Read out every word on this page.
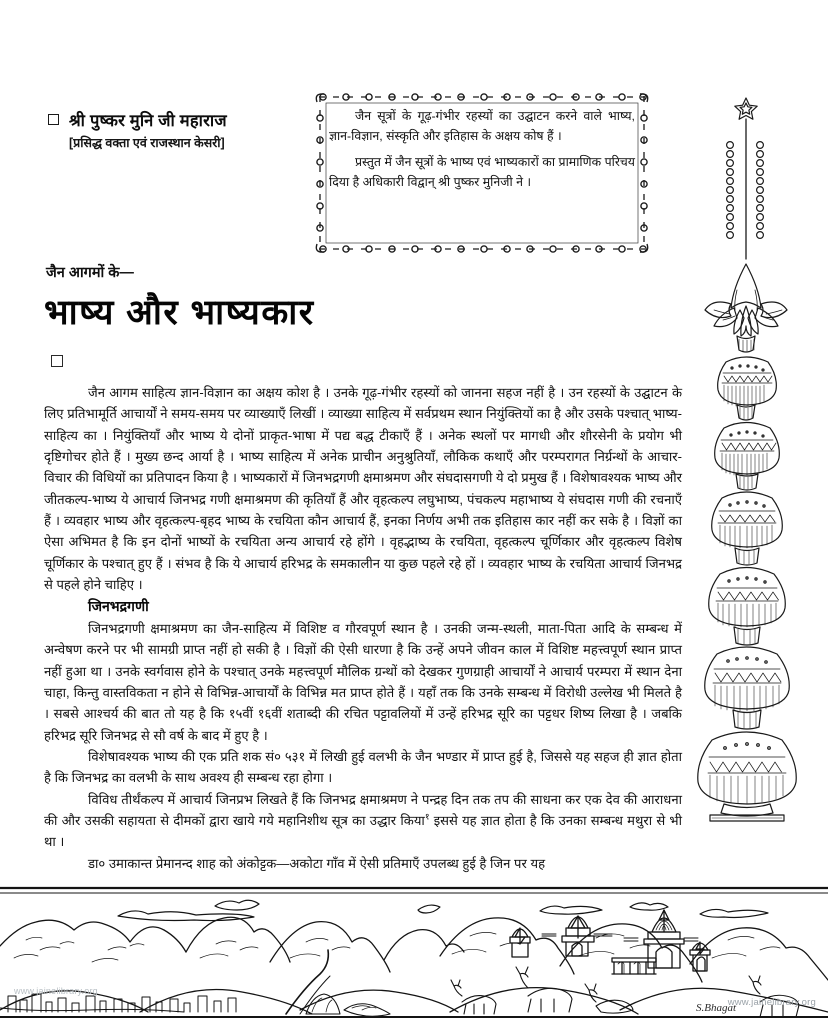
श्री पुष्कर मुनि जी महाराज
[प्रसिद्ध वक्ता एवं राजस्थान केसरी]

जैन सूत्रों के गूढ़-गंभीर रहस्यों का उद्घाटन करने वाले भाष्य, ज्ञान-विज्ञान, संस्कृति और इतिहास के अक्षय कोष हैं ।

प्रस्तुत में जैन सूत्रों के भाष्य एवं भाष्यकारों का प्रामाणिक परिचय दिया है अधिकारी विद्वान् श्री पुष्कर मुनिजी ने ।

जैन आगमों के—
भाष्य और भाष्यकार

जैन आगम साहित्य ज्ञान-विज्ञान का अक्षय कोश है । उनके गूढ़-गंभीर रहस्यों को जानना सहज नहीं है । उन रहस्यों के उद्घाटन के लिए प्रतिभामूर्ति आचार्यों ने समय-समय पर व्याख्याएँ लिखीं । व्याख्या साहित्य में सर्वप्रथम स्थान नियुंक्तियों का है और उसके पश्चात् भाष्य-साहित्य का । नियुंक्तियाँ और भाष्य ये दोनों प्राकृत-भाषा में पद्य बद्ध टीकाएँ हैं । अनेक स्थलों पर मागधी और शौरसेनी के प्रयोग भी दृष्टिगोचर होते हैं । मुख्य छन्द आर्या है । भाष्य साहित्य में अनेक प्राचीन अनुश्रुतियाँ, लौकिक कथाएँ और परम्परागत निर्ग्रन्थों के आचार-विचार की विधियों का प्रतिपादन किया है । भाष्यकारों में जिनभद्रगणी क्षमाश्रमण और संघदासगणी ये दो प्रमुख हैं । विशेषावश्यक भाष्य और जीतकल्प-भाष्य ये आचार्य जिनभद्र गणी क्षमाश्रमण की कृतियाँ हैं और वृहत्कल्प लघुभाष्य, पंचकल्प महाभाष्य ये संघदास गणी की रचनाएँ हैं । व्यवहार भाष्य और वृहत्कल्प-बृहद भाष्य के रचयिता कौन आचार्य हैं, इनका निर्णय अभी तक इतिहास कार नहीं कर सके है । विज्ञों का ऐसा अभिमत है कि इन दोनों भाष्यों के रचयिता अन्य आचार्य रहे होंगे । वृहद्भाष्य के रचयिता, वृहत्कल्प चूर्णिकार और वृहत्कल्प विशेष चूर्णिकार के पश्चात् हुए हैं । संभव है कि ये आचार्य हरिभद्र के समकालीन या कुछ पहले रहे हों । व्यवहार भाष्य के रचयिता आचार्य जिनभद्र से पहले होने चाहिए ।

जिनभद्रगणी

जिनभद्रगणी क्षमाश्रमण का जैन-साहित्य में विशिष्ट व गौरवपूर्ण स्थान है । उनकी जन्म-स्थली, माता-पिता आदि के सम्बन्ध में अन्वेषण करने पर भी सामग्री प्राप्त नहीं हो सकी है । विज्ञों की ऐसी धारणा है कि उन्हें अपने जीवन काल में विशिष्ट महत्त्वपूर्ण स्थान प्राप्त नहीं हुआ था । उनके स्वर्गवास होने के पश्चात् उनके महत्त्वपूर्ण मौलिक ग्रन्थों को देखकर गुणग्राही आचार्यों ने आचार्य परम्परा में स्थान देना चाहा, किन्तु वास्तविकता न होने से विभिन्न-आचार्यों के विभिन्न मत प्राप्त होते हैं । यहाँ तक कि उनके सम्बन्ध में विरोधी उल्लेख भी मिलते है । सबसे आश्चर्य की बात तो यह है कि १५वीं १६वीं शताब्दी की रचित पट्टावलियों में उन्हें हरिभद्र सूरि का पट्टधर शिष्य लिखा है । जबकि हरिभद्र सूरि जिनभद्र से सौ वर्ष के बाद में हुए है ।

विशेषावश्यक भाष्य की एक प्रति शक सं० ५३१ में लिखी हुई वलभी के जैन भण्डार में प्राप्त हुई है, जिससे यह सहज ही ज्ञात होता है कि जिनभद्र का वलभी के साथ अवश्य ही सम्बन्ध रहा होगा ।

विविध तीर्थंकल्प में आचार्य जिनप्रभ लिखते हैं कि जिनभद्र क्षमाश्रमण ने पन्द्रह दिन तक तप की साधना कर एक देव की आराधना की और उसकी सहायता से दीमकों द्वारा खाये गये महानिशीथ सूत्र का उद्धार किया$^१$ इससे यह ज्ञात होता है कि उनका सम्बन्ध मथुरा से भी था ।

डा० उमाकान्त प्रेमानन्द शाह को अंकोट्टक—अकोटा गाँव में ऐसी प्रतिमाएँ उपलब्ध हुई है जिन पर यह

www.jainelibrary.org
www.jainelibrary.org
S.Bhagat
